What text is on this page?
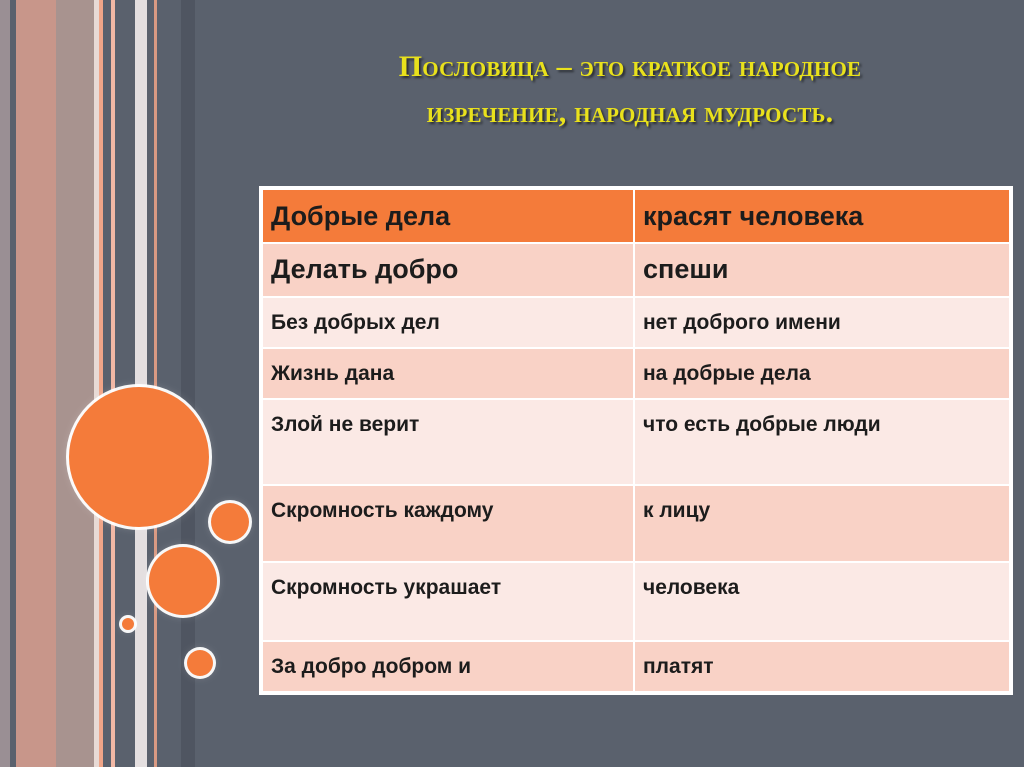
Пословица – это краткое народное
изречение, народная мудрость.
Добрые дела	красят человека
Делать добро	спеши
Без добрых дел	нет доброго имени
Жизнь дана	на добрые дела
Злой не верит	что есть добрые люди
Скромность каждому	к лицу
Скромность украшает	человека
За добро добром и	платят
